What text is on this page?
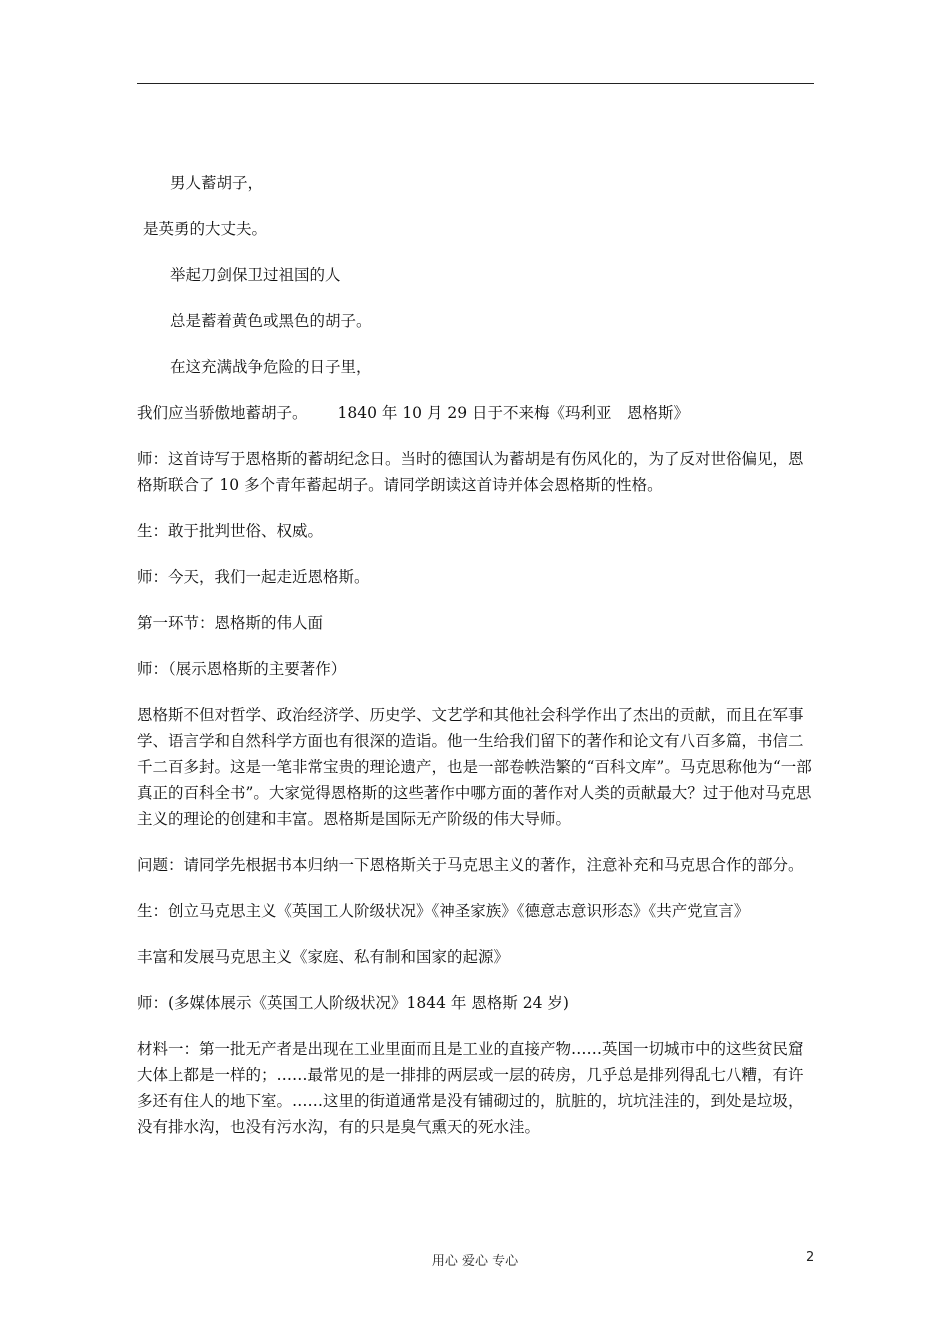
男人蓄胡子，

是英勇的大丈夫。

举起刀剑保卫过祖国的人

总是蓄着黄色或黑色的胡子。

在这充满战争危险的日子里，

我们应当骄傲地蓄胡子。 1840 年 10 月 29 日于不来梅《玛利亚　恩格斯》

师：这首诗写于恩格斯的蓄胡纪念日。当时的德国认为蓄胡是有伤风化的，为了反对世俗偏见，恩格斯联合了 10 多个青年蓄起胡子。请同学朗读这首诗并体会恩格斯的性格。

生：敢于批判世俗、权威。

师：今天，我们一起走近恩格斯。

第一环节：恩格斯的伟人面

师：（展示恩格斯的主要著作）

恩格斯不但对哲学、政治经济学、历史学、文艺学和其他社会科学作出了杰出的贡献，而且在军事学、语言学和自然科学方面也有很深的造诣。他一生给我们留下的著作和论文有八百多篇，书信二千二百多封。这是一笔非常宝贵的理论遗产，也是一部卷帙浩繁的“百科文库”。马克思称他为“一部真正的百科全书”。大家觉得恩格斯的这些著作中哪方面的著作对人类的贡献最大？过于他对马克思主义的理论的创建和丰富。恩格斯是国际无产阶级的伟大导师。

问题：请同学先根据书本归纳一下恩格斯关于马克思主义的著作，注意补充和马克思合作的部分。

生：创立马克思主义《英国工人阶级状况》《神圣家族》《德意志意识形态》《共产党宣言》

丰富和发展马克思主义《家庭、私有制和国家的起源》

师：(多媒体展示《英国工人阶级状况》1844 年 恩格斯 24 岁)

材料一：第一批无产者是出现在工业里面而且是工业的直接产物……英国一切城市中的这些贫民窟大体上都是一样的；……最常见的是一排排的两层或一层的砖房，几乎总是排列得乱七八糟，有许多还有住人的地下室。……这里的街道通常是没有铺砌过的，肮脏的，坑坑洼洼的，到处是垃圾，没有排水沟，也没有污水沟，有的只是臭气熏天的死水洼。

用心 爱心 专心	2
